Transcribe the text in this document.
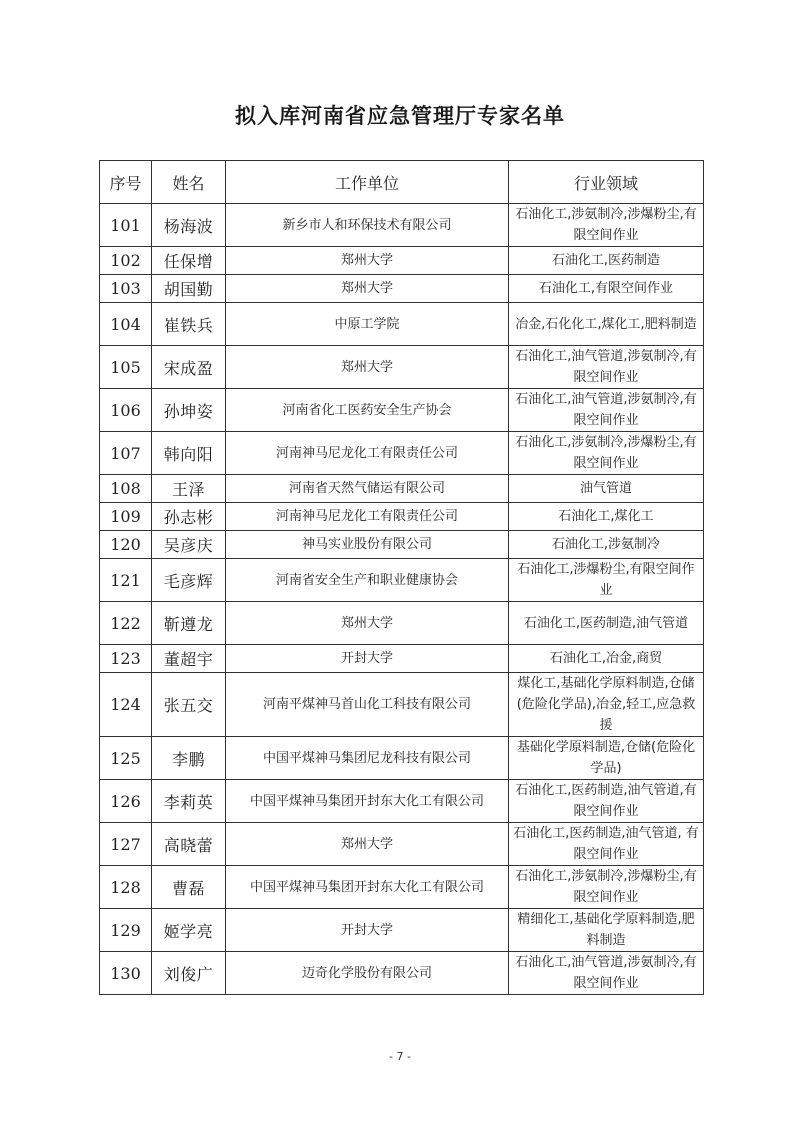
拟入库河南省应急管理厅专家名单
序号	姓名	工作单位	行业领域
101	杨海波	新乡市人和环保技术有限公司	石油化工,涉氨制冷,涉爆粉尘,有限空间作业
102	任保增	郑州大学	石油化工,医药制造
103	胡国勤	郑州大学	石油化工,有限空间作业
104	崔铁兵	中原工学院	冶金,石化化工,煤化工,肥料制造
105	宋成盈	郑州大学	石油化工,油气管道,涉氨制冷,有限空间作业
106	孙坤姿	河南省化工医药安全生产协会	石油化工,油气管道,涉氨制冷,有限空间作业
107	韩向阳	河南神马尼龙化工有限责任公司	石油化工,涉氨制冷,涉爆粉尘,有限空间作业
108	王泽	河南省天然气储运有限公司	油气管道
109	孙志彬	河南神马尼龙化工有限责任公司	石油化工,煤化工
120	吴彦庆	神马实业股份有限公司	石油化工,涉氨制冷
121	毛彦辉	河南省安全生产和职业健康协会	石油化工,涉爆粉尘,有限空间作业
122	靳遵龙	郑州大学	石油化工,医药制造,油气管道
123	董超宇	开封大学	石油化工,冶金,商贸
124	张五交	河南平煤神马首山化工科技有限公司	煤化工,基础化学原料制造,仓储(危险化学品),冶金,轻工,应急救援
125	李鹏	中国平煤神马集团尼龙科技有限公司	基础化学原料制造,仓储(危险化学品)
126	李莉英	中国平煤神马集团开封东大化工有限公司	石油化工,医药制造,油气管道,有限空间作业
127	高晓蕾	郑州大学	石油化工,医药制造,油气管道, 有限空间作业
128	曹磊	中国平煤神马集团开封东大化工有限公司	石油化工,涉氨制冷,涉爆粉尘,有限空间作业
129	姬学亮	开封大学	精细化工,基础化学原料制造,肥料制造
130	刘俊广	迈奇化学股份有限公司	石油化工,油气管道,涉氨制冷,有限空间作业
- 7 -
